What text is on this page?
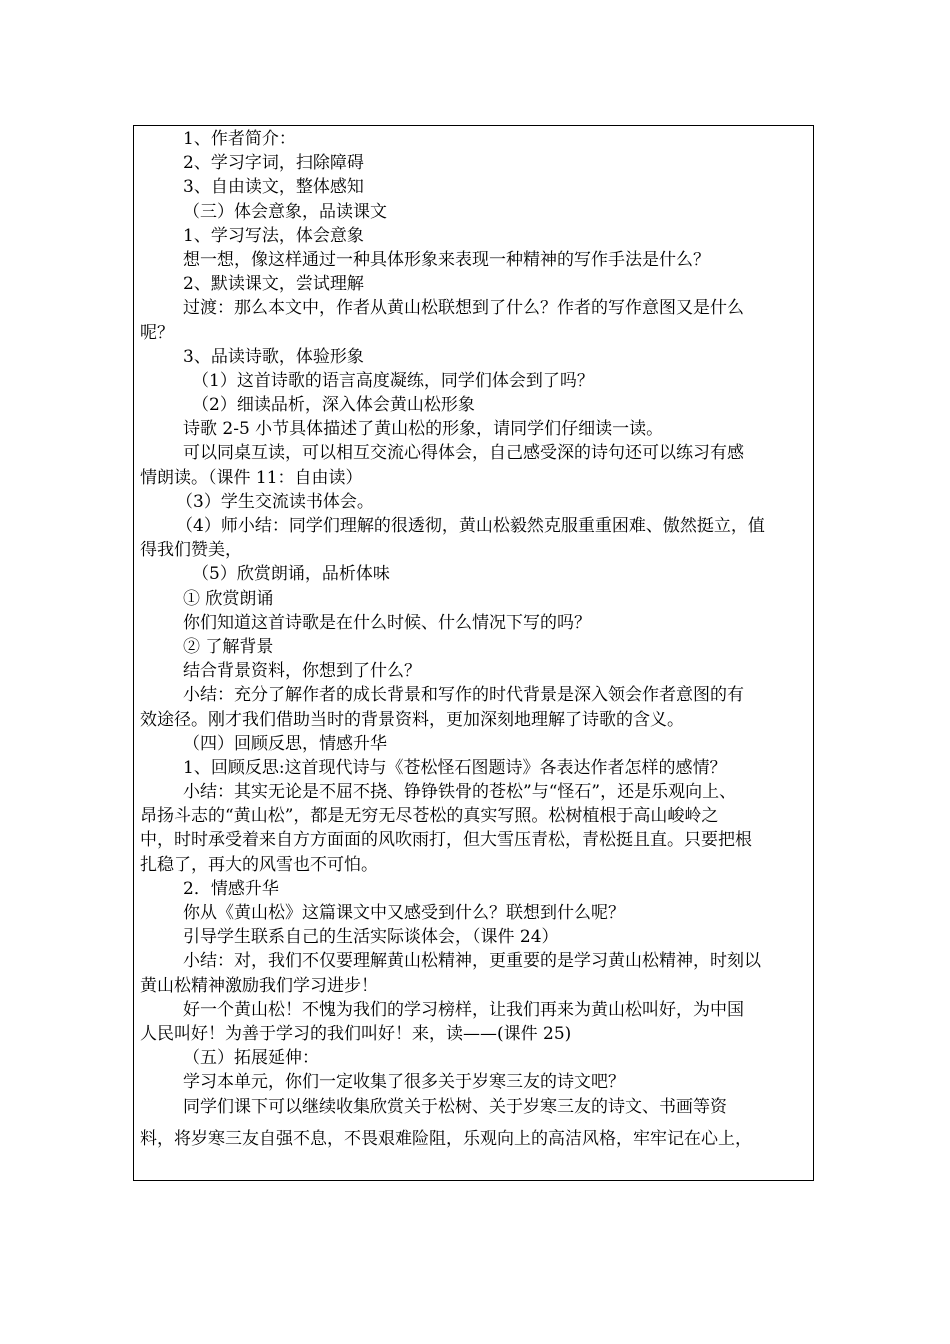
1、作者简介：
2、学习字词，扫除障碍
3、自由读文，整体感知
（三）体会意象，品读课文
1、学习写法，体会意象
想一想，像这样通过一种具体形象来表现一种精神的写作手法是什么？
2、默读课文，尝试理解
过渡：那么本文中，作者从黄山松联想到了什么？作者的写作意图又是什么
呢？
3、品读诗歌，体验形象
（1）这首诗歌的语言高度凝练，同学们体会到了吗？
（2）细读品析，深入体会黄山松形象
诗歌 2-5 小节具体描述了黄山松的形象，请同学们仔细读一读。
可以同桌互读，可以相互交流心得体会，自己感受深的诗句还可以练习有感
情朗读。（课件 11：自由读）
（3）学生交流读书体会。
（4）师小结：同学们理解的很透彻，黄山松毅然克服重重困难、傲然挺立，值
得我们赞美，
（5）欣赏朗诵，品析体味
① 欣赏朗诵
你们知道这首诗歌是在什么时候、什么情况下写的吗？
② 了解背景
结合背景资料，你想到了什么？
小结：充分了解作者的成长背景和写作的时代背景是深入领会作者意图的有
效途径。刚才我们借助当时的背景资料，更加深刻地理解了诗歌的含义。
（四）回顾反思，情感升华
1、回顾反思:这首现代诗与《苍松怪石图题诗》各表达作者怎样的感情？
小结：其实无论是不屈不挠、铮铮铁骨的苍松”与“怪石”，还是乐观向上、
昂扬斗志的“黄山松”，都是无穷无尽苍松的真实写照。松树植根于高山峻岭之
中，时时承受着来自方方面面的风吹雨打，但大雪压青松，青松挺且直。只要把根
扎稳了，再大的风雪也不可怕。
2．情感升华
你从《黄山松》这篇课文中又感受到什么？联想到什么呢？
引导学生联系自己的生活实际谈体会，（课件 24）
小结：对，我们不仅要理解黄山松精神，更重要的是学习黄山松精神，时刻以
黄山松精神激励我们学习进步！
好一个黄山松！不愧为我们的学习榜样，让我们再来为黄山松叫好，为中国
人民叫好！为善于学习的我们叫好！来，读——(课件 25)
（五）拓展延伸：
学习本单元，你们一定收集了很多关于岁寒三友的诗文吧？
同学们课下可以继续收集欣赏关于松树、关于岁寒三友的诗文、书画等资
料，将岁寒三友自强不息，不畏艰难险阻，乐观向上的高洁风格，牢牢记在心上，
